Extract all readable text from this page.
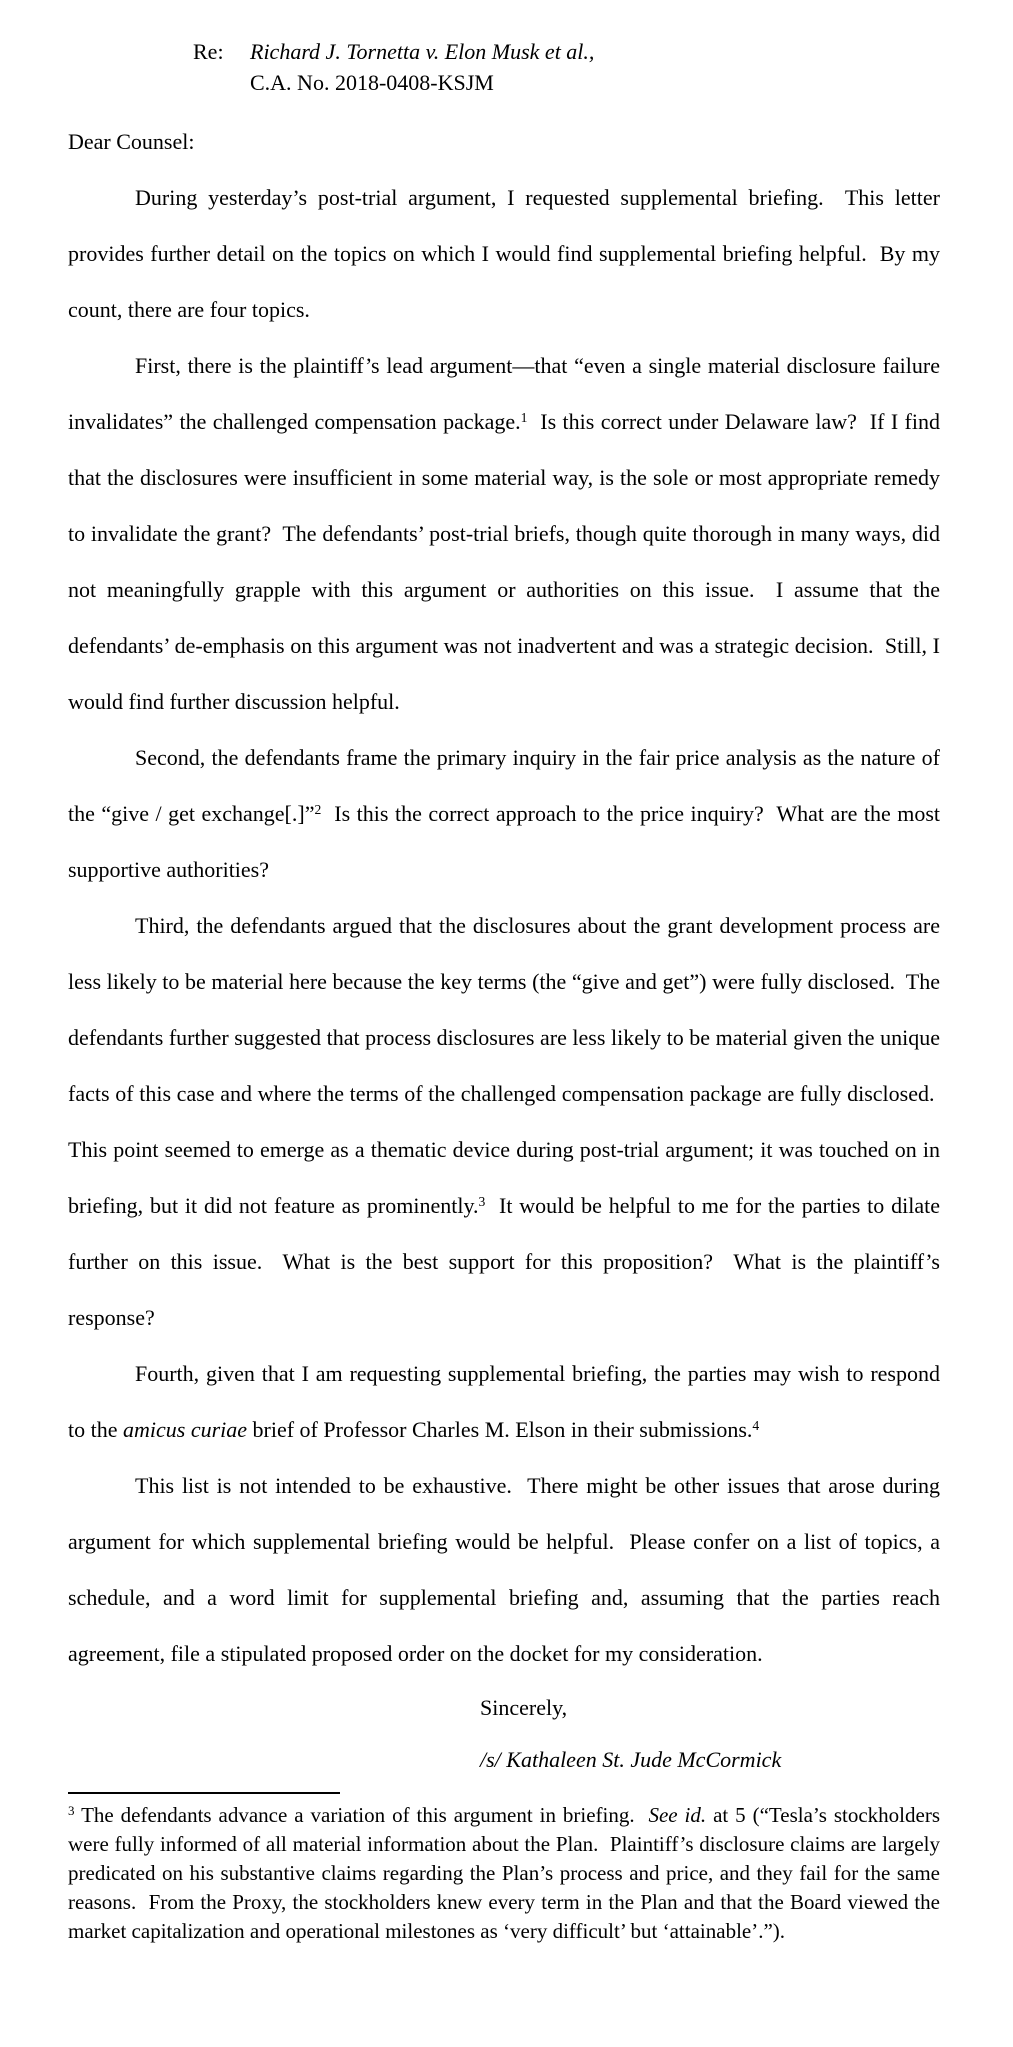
Re:	Richard J. Tornetta v. Elon Musk et al.,
C.A. No. 2018-0408-KSJM
Dear Counsel:

During yesterday’s post-trial argument, I requested supplemental briefing.  This letter provides further detail on the topics on which I would find supplemental briefing helpful.  By my count, there are four topics.

First, there is the plaintiff’s lead argument—that “even a single material disclosure failure invalidates” the challenged compensation package.$^1$  Is this correct under Delaware law?  If I find that the disclosures were insufficient in some material way, is the sole or most appropriate remedy to invalidate the grant?  The defendants’ post-trial briefs, though quite thorough in many ways, did not meaningfully grapple with this argument or authorities on this issue.  I assume that the defendants’ de-emphasis on this argument was not inadvertent and was a strategic decision.  Still, I would find further discussion helpful.

Second, the defendants frame the primary inquiry in the fair price analysis as the nature of the “give / get exchange[.]”$^2$  Is this the correct approach to the price inquiry?  What are the most supportive authorities?

Third, the defendants argued that the disclosures about the grant development process are less likely to be material here because the key terms (the “give and get”) were fully disclosed.  The defendants further suggested that process disclosures are less likely to be material given the unique facts of this case and where the terms of the challenged compensation package are fully disclosed.  This point seemed to emerge as a thematic device during post-trial argument; it was touched on in briefing, but it did not feature as prominently.$^3$  It would be helpful to me for the parties to dilate further on this issue.  What is the best support for this proposition?  What is the plaintiff’s response?

Fourth, given that I am requesting supplemental briefing, the parties may wish to respond to the amicus curiae brief of Professor Charles M. Elson in their submissions.$^4$

This list is not intended to be exhaustive.  There might be other issues that arose during argument for which supplemental briefing would be helpful.  Please confer on a list of topics, a schedule, and a word limit for supplemental briefing and, assuming that the parties reach agreement, file a stipulated proposed order on the docket for my consideration.

Sincerely,
/s/ Kathaleen St. Jude McCormick
$^3$ The defendants advance a variation of this argument in briefing.  See id. at 5 (“Tesla’s stockholders were fully informed of all material information about the Plan.  Plaintiff’s disclosure claims are largely predicated on his substantive claims regarding the Plan’s process and price, and they fail for the same reasons.  From the Proxy, the stockholders knew every term in the Plan and that the Board viewed the market capitalization and operational milestones as ‘very difficult’ but ‘attainable’.”).
